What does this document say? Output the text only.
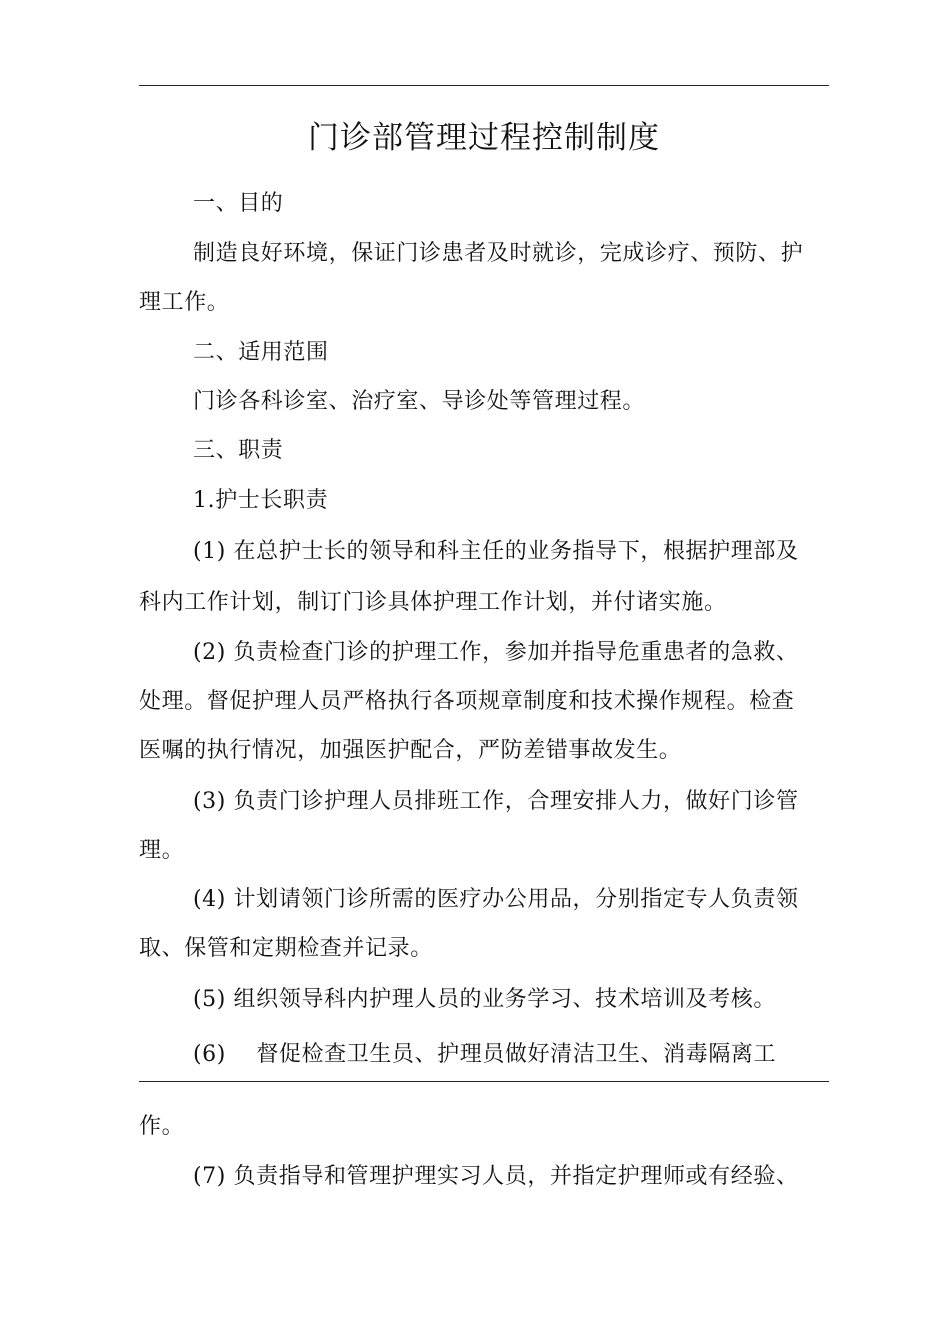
门诊部管理过程控制制度
一、目的
制造良好环境，保证门诊患者及时就诊，完成诊疗、预防、护
理工作。
二、适用范围
门诊各科诊室、治疗室、导诊处等管理过程。
三、职责
1.护士长职责
(1) 在总护士长的领导和科主任的业务指导下，根据护理部及
科内工作计划，制订门诊具体护理工作计划，并付诸实施。
(2) 负责检查门诊的护理工作，参加并指导危重患者的急救、
处理。督促护理人员严格执行各项规章制度和技术操作规程。检查
医嘱的执行情况，加强医护配合，严防差错事故发生。
(3) 负责门诊护理人员排班工作，合理安排人力，做好门诊管
理。
(4) 计划请领门诊所需的医疗办公用品，分别指定专人负责领
取、保管和定期检查并记录。
(5) 组织领导科内护理人员的业务学习、技术培训及考核。
(6)    督促检查卫生员、护理员做好清洁卫生、消毒隔离工
作。
(7) 负责指导和管理护理实习人员，并指定护理师或有经验、
